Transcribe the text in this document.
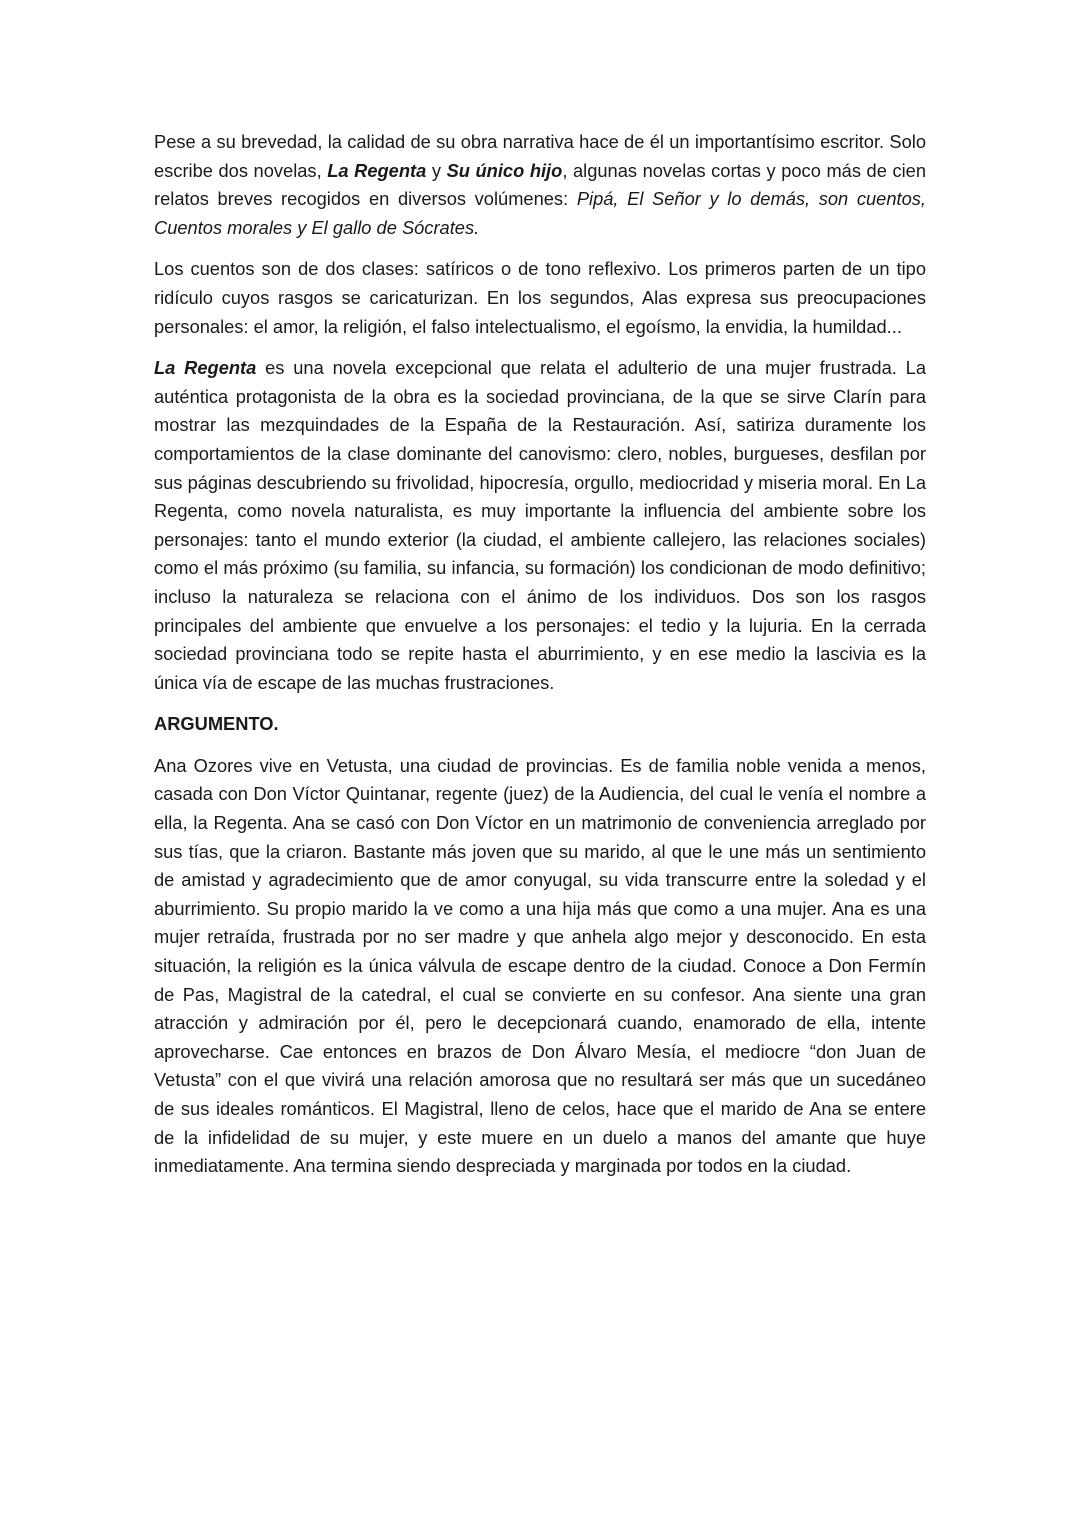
Pese a su brevedad, la calidad de su obra narrativa hace de él un importantísimo escritor. Solo escribe dos novelas, La Regenta y Su único hijo, algunas novelas cortas y poco más de cien relatos breves recogidos en diversos volúmenes: Pipá, El Señor y lo demás, son cuentos, Cuentos morales y El gallo de Sócrates.

Los cuentos son de dos clases: satíricos o de tono reflexivo. Los primeros parten de un tipo ridículo cuyos rasgos se caricaturizan. En los segundos, Alas expresa sus preocupaciones personales: el amor, la religión, el falso intelectualismo, el egoísmo, la envidia, la humildad...

La Regenta es una novela excepcional que relata el adulterio de una mujer frustrada. La auténtica protagonista de la obra es la sociedad provinciana, de la que se sirve Clarín para mostrar las mezquindades de la España de la Restauración. Así, satiriza duramente los comportamientos de la clase dominante del canovismo: clero, nobles, burgueses, desfilan por sus páginas descubriendo su frivolidad, hipocresía, orgullo, mediocridad y miseria moral. En La Regenta, como novela naturalista, es muy importante la influencia del ambiente sobre los personajes: tanto el mundo exterior (la ciudad, el ambiente callejero, las relaciones sociales) como el más próximo (su familia, su infancia, su formación) los condicionan de modo definitivo; incluso la naturaleza se relaciona con el ánimo de los individuos. Dos son los rasgos principales del ambiente que envuelve a los personajes: el tedio y la lujuria. En la cerrada sociedad provinciana todo se repite hasta el aburrimiento, y en ese medio la lascivia es la única vía de escape de las muchas frustraciones.

ARGUMENTO.

Ana Ozores vive en Vetusta, una ciudad de provincias. Es de familia noble venida a menos, casada con Don Víctor Quintanar, regente (juez) de la Audiencia, del cual le venía el nombre a ella, la Regenta. Ana se casó con Don Víctor en un matrimonio de conveniencia arreglado por sus tías, que la criaron. Bastante más joven que su marido, al que le une más un sentimiento de amistad y agradecimiento que de amor conyugal, su vida transcurre entre la soledad y el aburrimiento. Su propio marido la ve como a una hija más que como a una mujer. Ana es una mujer retraída, frustrada por no ser madre y que anhela algo mejor y desconocido. En esta situación, la religión es la única válvula de escape dentro de la ciudad. Conoce a Don Fermín de Pas, Magistral de la catedral, el cual se convierte en su confesor. Ana siente una gran atracción y admiración por él, pero le decepcionará cuando, enamorado de ella, intente aprovecharse. Cae entonces en brazos de Don Álvaro Mesía, el mediocre “don Juan de Vetusta” con el que vivirá una relación amorosa que no resultará ser más que un sucedáneo de sus ideales románticos. El Magistral, lleno de celos, hace que el marido de Ana se entere de la infidelidad de su mujer, y este muere en un duelo a manos del amante que huye inmediatamente. Ana termina siendo despreciada y marginada por todos en la ciudad.
